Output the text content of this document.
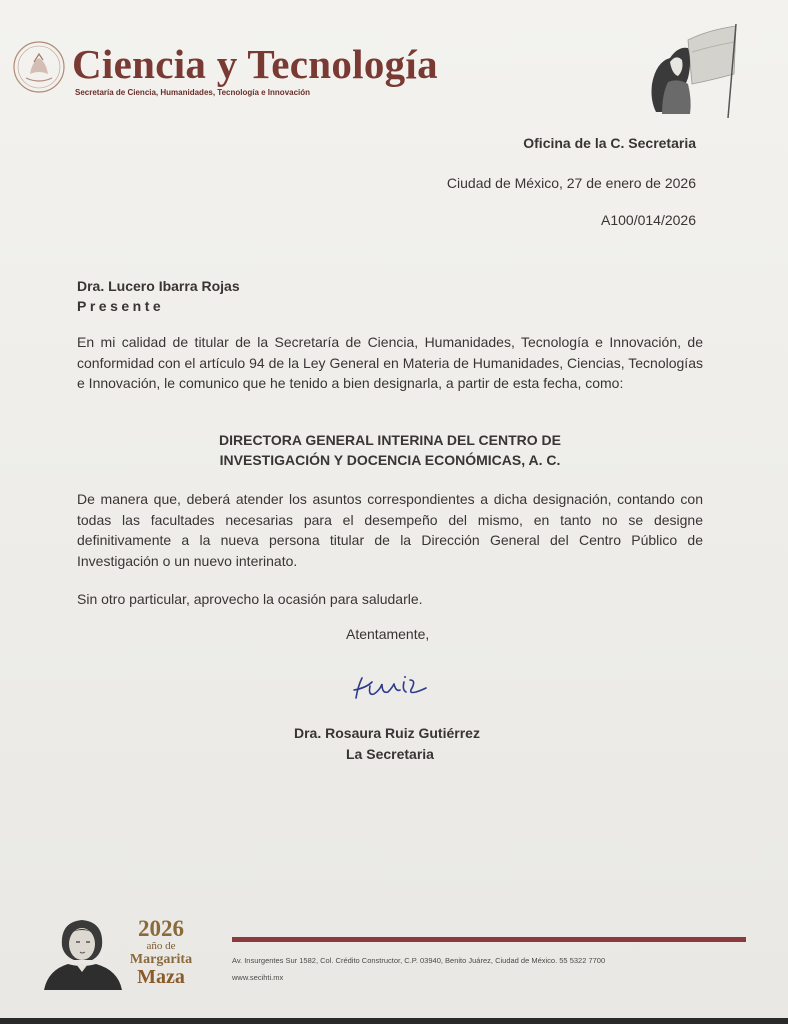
Ciencia y Tecnología
Secretaría de Ciencia, Humanidades, Tecnología e Innovación
Oficina de la C. Secretaria
Ciudad de México, 27 de enero de 2026
A100/014/2026
Dra. Lucero Ibarra Rojas
Presente
En mi calidad de titular de la Secretaría de Ciencia, Humanidades, Tecnología e Innovación, de conformidad con el artículo 94 de la Ley General en Materia de Humanidades, Ciencias, Tecnologías e Innovación, le comunico que he tenido a bien designarla, a partir de esta fecha, como:
DIRECTORA GENERAL INTERINA DEL CENTRO DE
INVESTIGACIÓN Y DOCENCIA ECONÓMICAS, A. C.
De manera que, deberá atender los asuntos correspondientes a dicha designación, contando con todas las facultades necesarias para el desempeño del mismo, en tanto no se designe definitivamente a la nueva persona titular de la Dirección General del Centro Público de Investigación o un nuevo interinato.
Sin otro particular, aprovecho la ocasión para saludarle.
Atentamente,
Dra. Rosaura Ruiz Gutiérrez
La Secretaria
2026
año de
Margarita
Maza
Av. Insurgentes Sur 1582, Col. Crédito Constructor, C.P. 03940, Benito Juárez, Ciudad de México. 55 5322 7700
www.secihti.mx
